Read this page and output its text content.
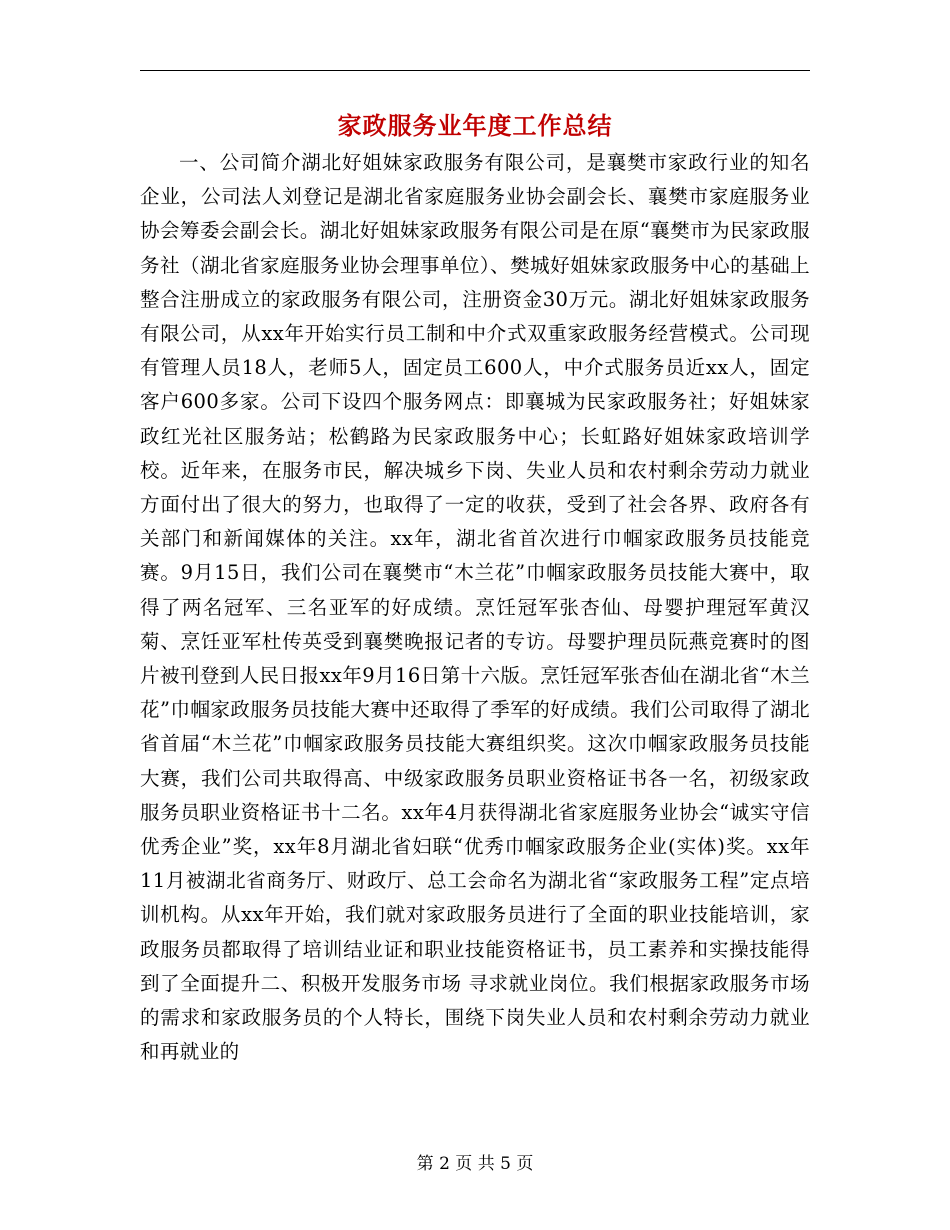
家政服务业年度工作总结

一、公司简介湖北好姐妹家政服务有限公司，是襄樊市家政行业的知名企业，公司法人刘登记是湖北省家庭服务业协会副会长、襄樊市家庭服务业协会筹委会副会长。湖北好姐妹家政服务有限公司是在原“襄樊市为民家政服务社（湖北省家庭服务业协会理事单位）、樊城好姐妹家政服务中心的基础上整合注册成立的家政服务有限公司，注册资金30万元。湖北好姐妹家政服务有限公司，从xx年开始实行员工制和中介式双重家政服务经营模式。公司现有管理人员18人，老师5人，固定员工600人，中介式服务员近xx人，固定客户600多家。公司下设四个服务网点：即襄城为民家政服务社；好姐妹家政红光社区服务站；松鹤路为民家政服务中心；长虹路好姐妹家政培训学校。近年来，在服务市民，解决城乡下岗、失业人员和农村剩余劳动力就业方面付出了很大的努力，也取得了一定的收获，受到了社会各界、政府各有关部门和新闻媒体的关注。xx年，湖北省首次进行巾帼家政服务员技能竞赛。9月15日，我们公司在襄樊市“木兰花”巾帼家政服务员技能大赛中，取得了两名冠军、三名亚军的好成绩。烹饪冠军张杏仙、母婴护理冠军黄汉菊、烹饪亚军杜传英受到襄樊晚报记者的专访。母婴护理员阮燕竞赛时的图片被刊登到人民日报xx年9月16日第十六版。烹饪冠军张杏仙在湖北省“木兰花”巾帼家政服务员技能大赛中还取得了季军的好成绩。我们公司取得了湖北省首届“木兰花”巾帼家政服务员技能大赛组织奖。这次巾帼家政服务员技能大赛，我们公司共取得高、中级家政服务员职业资格证书各一名，初级家政服务员职业资格证书十二名。xx年4月获得湖北省家庭服务业协会“诚实守信优秀企业”奖，xx年8月湖北省妇联“优秀巾帼家政服务企业(实体)奖。xx年11月被湖北省商务厅、财政厅、总工会命名为湖北省“家政服务工程”定点培训机构。从xx年开始，我们就对家政服务员进行了全面的职业技能培训，家政服务员都取得了培训结业证和职业技能资格证书，员工素养和实操技能得到了全面提升二、积极开发服务市场 寻求就业岗位。我们根据家政服务市场的需求和家政服务员的个人特长，围绕下岗失业人员和农村剩余劳动力就业和再就业的

第 2 页 共 5 页
